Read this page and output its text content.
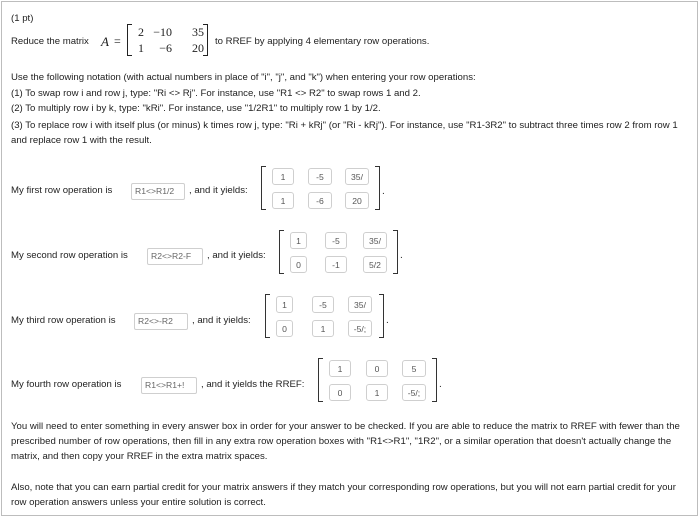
(1 pt)
Reduce the matrix A =
2 −10	35
1	−6	20 to RREF by applying 4 elementary row operations.
Use the following notation (with actual numbers in place of "i", "j", and "k") when entering your row operations:
(1) To swap row i and row j, type: "Ri <> Rj". For instance, use "R1 <> R2" to swap rows 1 and 2.
(2) To multiply row i by k, type: "kRi". For instance, use "1/2R1" to multiply row 1 by 1/2.
(3) To replace row i with itself plus (or minus) k times row j, type: "Ri + kRj" (or "Ri - kRj"). For instance, use "R1-3R2" to subtract three times row 2 from row 1 and replace row 1 with the result.
My first row operation is	R1<>R1/2	, and it yields:
1	-5	35/
1	-6	20
.
My second row operation is	R2<>R2-F	, and it yields:
1	-5	35/
0	-1	5/2
.
My third row operation is	R2<>-R2	, and it yields:
1	-5	35/
0	1	-5/;
.
My fourth row operation is	R1<>R1+!	, and it yields the RREF:
1	0	5
0	1	-5/;
.
You will need to enter something in every answer box in order for your answer to be checked. If you are able to reduce the matrix to RREF with fewer than the prescribed number of row operations, then fill in any extra row operation boxes with "R1<>R1", "1R2", or a similar operation that doesn't actually change the matrix, and then copy your RREF in the extra matrix spaces.
Also, note that you can earn partial credit for your matrix answers if they match your corresponding row operations, but you will not earn partial credit for your row operation answers unless your entire solution is correct.
